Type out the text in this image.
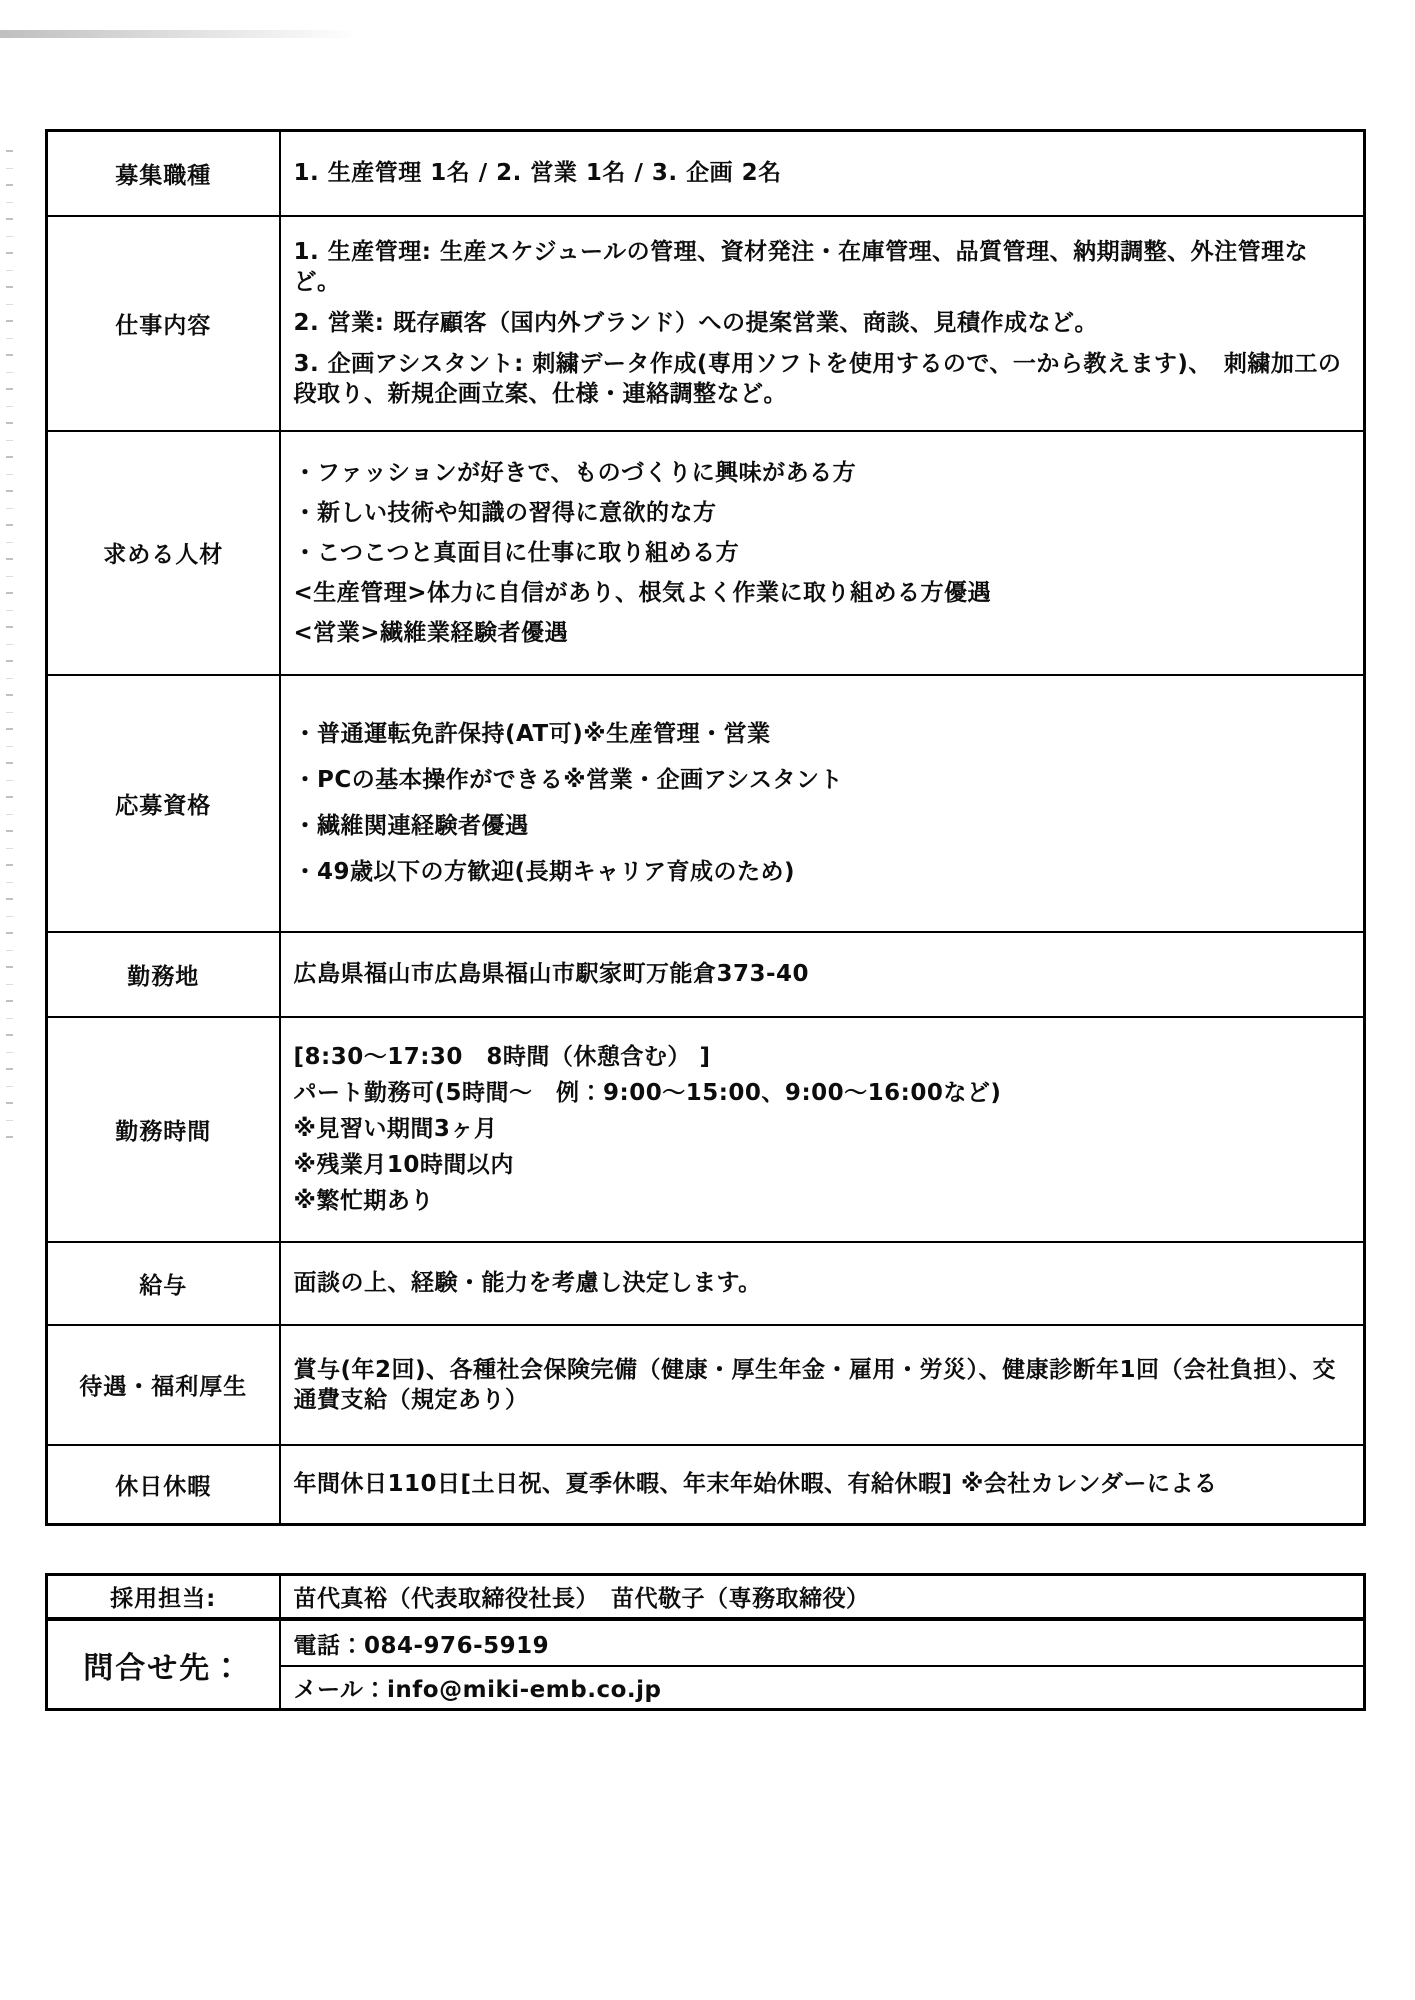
募集職種	1. 生産管理 1名 / 2. 営業 1名 / 3. 企画 2名

仕事内容	1. 生産管理: 生産スケジュールの管理、資材発注・在庫管理、品質管理、納期調整、外注管理など。
2. 営業: 既存顧客（国内外ブランド）への提案営業、商談、見積作成など。
3. 企画アシスタント: 刺繍データ作成(専用ソフトを使用するので、一から教えます)、　刺繍加工の段取り、新規企画立案、仕様・連絡調整など。

求める人材	・ファッションが好きで、ものづくりに興味がある方
・新しい技術や知識の習得に意欲的な方
・こつこつと真面目に仕事に取り組める方
<生産管理>体力に自信があり、根気よく作業に取り組める方優遇
<営業>繊維業経験者優遇

応募資格	・普通運転免許保持(AT可)※生産管理・営業
・PCの基本操作ができる※営業・企画アシスタント
・繊維関連経験者優遇
・49歳以下の方歓迎(長期キャリア育成のため)

勤務地	広島県福山市広島県福山市駅家町万能倉373-40

勤務時間	[8:30～17:30　8時間（休憩含む） ]
パート勤務可(5時間～　例：9:00～15:00、9:00～16:00など)
※見習い期間3ヶ月
※残業月10時間以内
※繁忙期あり

給与	面談の上、経験・能力を考慮し決定します。

待遇・福利厚生	賞与(年2回)、各種社会保険完備（健康・厚生年金・雇用・労災）、健康診断年1回（会社負担）、交通費支給（規定あり）

休日休暇	年間休日110日[土日祝、夏季休暇、年末年始休暇、有給休暇] ※会社カレンダーによる
採用担当:	苗代真裕（代表取締役社長）　苗代敬子（専務取締役）
問合せ先：	電話：084-976-5919
	メール：info@miki-emb.co.jp
